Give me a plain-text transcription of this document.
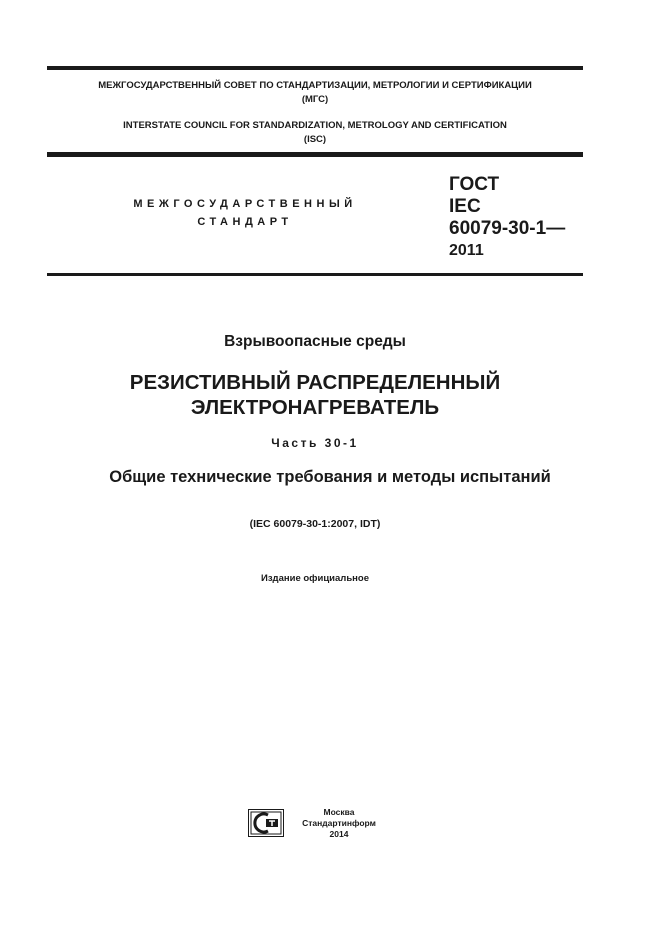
МЕЖГОСУДАРСТВЕННЫЙ СОВЕТ ПО СТАНДАРТИЗАЦИИ, МЕТРОЛОГИИ И СЕРТИФИКАЦИИ
(МГС)
INTERSTATE COUNCIL FOR STANDARDIZATION, METROLOGY AND CERTIFICATION
(ISC)
МЕЖГОСУДАРСТВЕННЫЙ
СТАНДАРТ
ГОСТ
IEC
60079-30-1—
2011
Взрывоопасные среды
РЕЗИСТИВНЫЙ РАСПРЕДЕЛЕННЫЙ
ЭЛЕКТРОНАГРЕВАТЕЛЬ
Часть 30-1
Общие технические требования и методы испытаний
(IEC 60079-30-1:2007, IDT)
Издание официальное
Москва
Стандартинформ
2014
